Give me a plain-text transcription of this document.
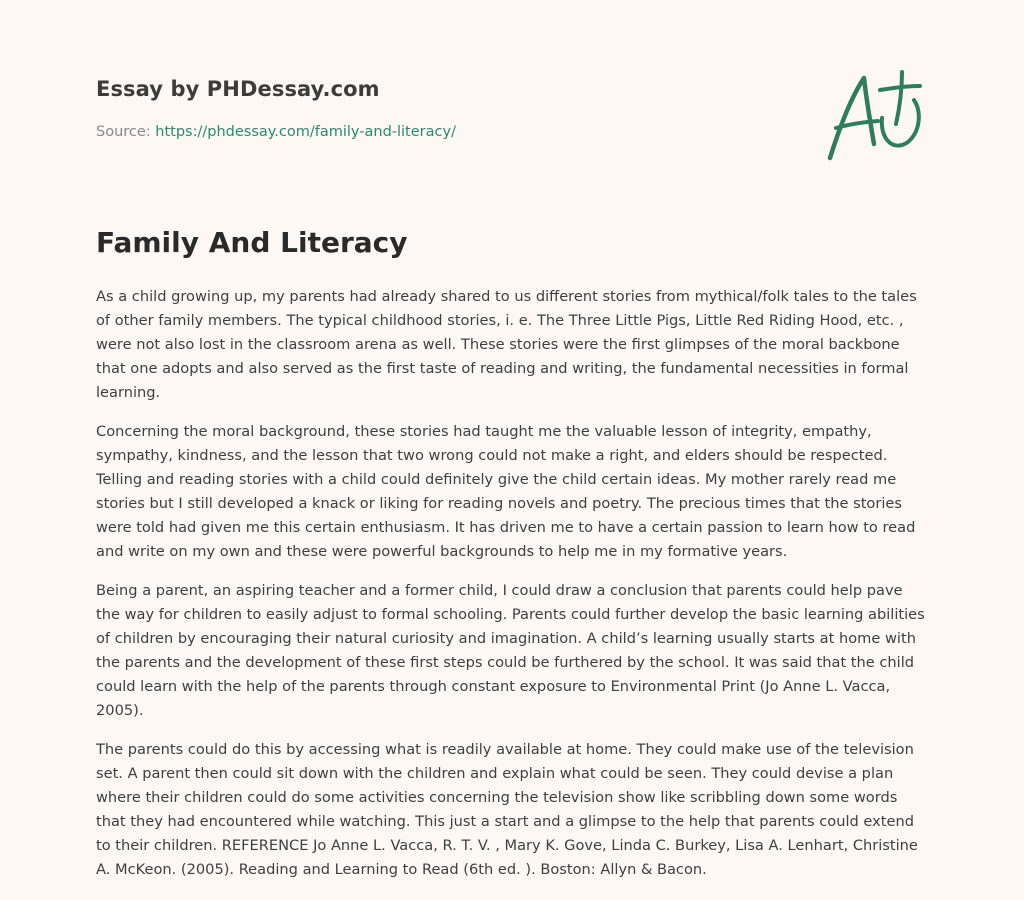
Essay by PHDessay.com
Source: https://phdessay.com/family-and-literacy/
Family And Literacy

As a child growing up, my parents had already shared to us different stories from mythical/folk tales to the tales of other family members. The typical childhood stories, i. e. The Three Little Pigs, Little Red Riding Hood, etc. , were not also lost in the classroom arena as well. These stories were the first glimpses of the moral backbone that one adopts and also served as the first taste of reading and writing, the fundamental necessities in formal learning.

Concerning the moral background, these stories had taught me the valuable lesson of integrity, empathy, sympathy, kindness, and the lesson that two wrong could not make a right, and elders should be respected. Telling and reading stories with a child could definitely give the child certain ideas. My mother rarely read me stories but I still developed a knack or liking for reading novels and poetry. The precious times that the stories were told had given me this certain enthusiasm. It has driven me to have a certain passion to learn how to read and write on my own and these were powerful backgrounds to help me in my formative years.

Being a parent, an aspiring teacher and a former child, I could draw a conclusion that parents could help pave the way for children to easily adjust to formal schooling. Parents could further develop the basic learning abilities of children by encouraging their natural curiosity and imagination. A child’s learning usually starts at home with the parents and the development of these first steps could be furthered by the school. It was said that the child could learn with the help of the parents through constant exposure to Environmental Print (Jo Anne L. Vacca, 2005).

The parents could do this by accessing what is readily available at home. They could make use of the television set. A parent then could sit down with the children and explain what could be seen. They could devise a plan where their children could do some activities concerning the television show like scribbling down some words that they had encountered while watching. This just a start and a glimpse to the help that parents could extend to their children. REFERENCE Jo Anne L. Vacca, R. T. V. , Mary K. Gove, Linda C. Burkey, Lisa A. Lenhart, Christine A. McKeon. (2005). Reading and Learning to Read (6th ed. ). Boston: Allyn & Bacon.
